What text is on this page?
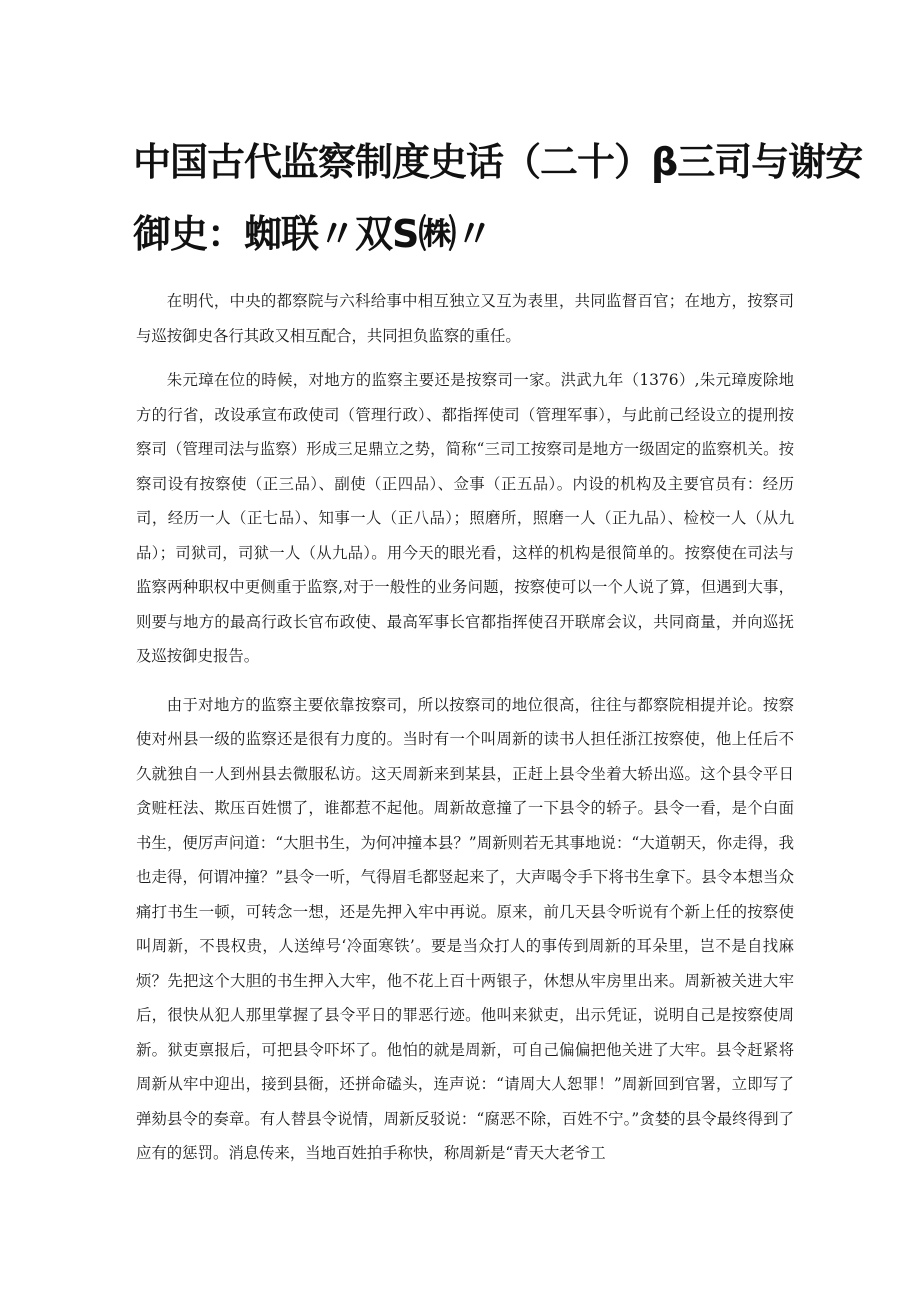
中国古代监察制度史话（二十）β三司与谢安
御史：蜘联〃双S㈱〃

在明代，中央的都察院与六科给事中相互独立又互为表里，共同监督百官；在地方，按察司与巡按御史各行其政又相互配合，共同担负监察的重任。

朱元璋在位的時候，对地方的监察主要还是按察司一家。洪武九年（1376）,朱元璋废除地方的行省，改设承宣布政使司（管理行政）、都指挥使司（管理军事），与此前己经设立的提刑按察司（管理司法与监察）形成三足鼎立之势，简称“三司工按察司是地方一级固定的监察机关。按察司设有按察使（正三品）、副使（正四品）、佥事（正五品）。内设的机构及主要官员有：经历司，经历一人（正七品）、知事一人（正八品）；照磨所，照磨一人（正九品）、检校一人（从九品）；司狱司，司狱一人（从九品）。用今天的眼光看，这样的机构是很简单的。按察使在司法与监察两种职权中更侧重于监察,对于一般性的业务问题，按察使可以一个人说了算，但遇到大事，则要与地方的最高行政长官布政使、最高军事长官都指挥使召开联席会议，共同商量，并向巡抚及巡按御史报告。

由于对地方的监察主要依靠按察司，所以按察司的地位很高，往往与都察院相提并论。按察使对州县一级的监察还是很有力度的。当时有一个叫周新的读书人担任浙江按察使，他上任后不久就独自一人到州县去微服私访。这天周新来到某县，正赶上县令坐着大轿出巡。这个县令平日贪赃枉法、欺压百姓惯了，谁都惹不起他。周新故意撞了一下县令的轿子。县令一看，是个白面书生，便厉声问道：“大胆书生，为何冲撞本县？”周新则若无其事地说：“大道朝天，你走得，我也走得，何谓冲撞？”县令一听，气得眉毛都竖起来了，大声喝令手下将书生拿下。县令本想当众痛打书生一顿，可转念一想，还是先押入牢中再说。原来，前几天县令听说有个新上任的按察使叫周新，不畏权贵，人送绰号‘冷面寒铁’。要是当众打人的事传到周新的耳朵里，岂不是自找麻烦？先把这个大胆的书生押入大牢，他不花上百十两银子，休想从牢房里出来。周新被关进大牢后，很快从犯人那里掌握了县令平日的罪恶行迹。他叫来狱吏，出示凭证，说明自己是按察使周新。狱吏禀报后，可把县令吓坏了。他怕的就是周新，可自己偏偏把他关进了大牢。县令赶紧将周新从牢中迎出，接到县衙，还拼命磕头，连声说：“请周大人恕罪！”周新回到官署，立即写了弹劾县令的奏章。有人替县令说情，周新反驳说：“腐恶不除，百姓不宁。”贪婪的县令最终得到了应有的惩罚。消息传来，当地百姓拍手称快，称周新是“青天大老爷工
